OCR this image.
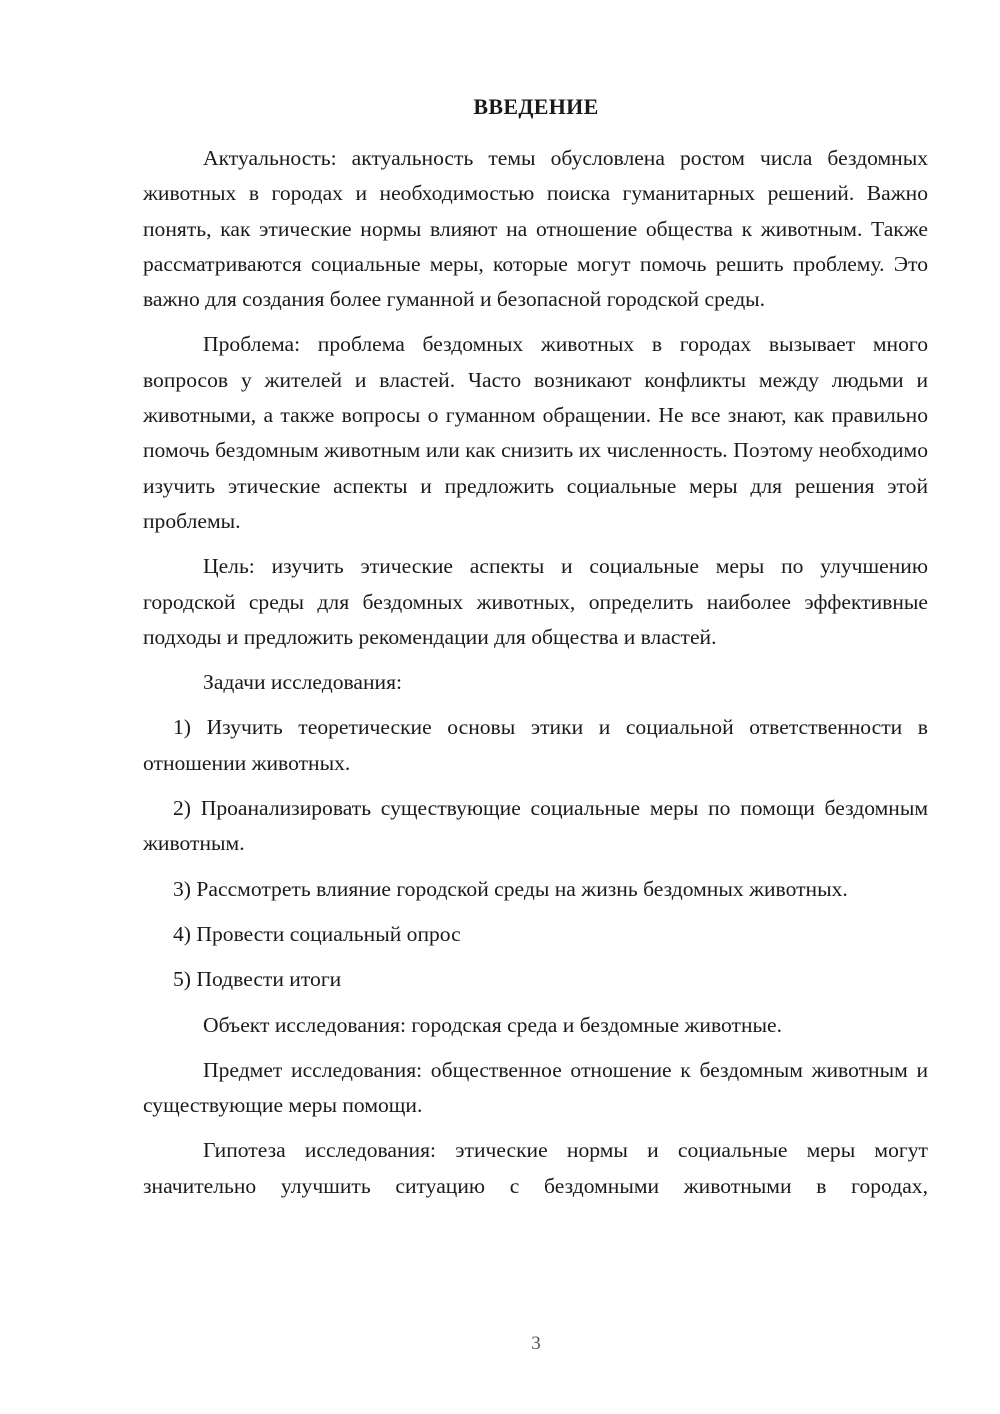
ВВЕДЕНИЕ

Актуальность: актуальность темы обусловлена ростом числа бездомных животных в городах и необходимостью поиска гуманитарных решений. Важно понять, как этические нормы влияют на отношение общества к животным. Также рассматриваются социальные меры, которые могут помочь решить проблему. Это важно для создания более гуманной и безопасной городской среды.

Проблема: проблема бездомных животных в городах вызывает много вопросов у жителей и властей. Часто возникают конфликты между людьми и животными, а также вопросы о гуманном обращении. Не все знают, как правильно помочь бездомным животным или как снизить их численность. Поэтому необходимо изучить этические аспекты и предложить социальные меры для решения этой проблемы.

Цель: изучить этические аспекты и социальные меры по улучшению городской среды для бездомных животных, определить наиболее эффективные подходы и предложить рекомендации для общества и властей.

Задачи исследования:

1) Изучить теоретические основы этики и социальной ответственности в отношении животных.

2) Проанализировать существующие социальные меры по помощи бездомным животным.

3) Рассмотреть влияние городской среды на жизнь бездомных животных.

4) Провести социальный опрос

5) Подвести итоги

Объект исследования: городская среда и бездомные животные.

Предмет исследования: общественное отношение к бездомным животным и существующие меры помощи.

Гипотеза исследования: этические нормы и социальные меры могут значительно улучшить ситуацию с бездомными животными в городах,

3
